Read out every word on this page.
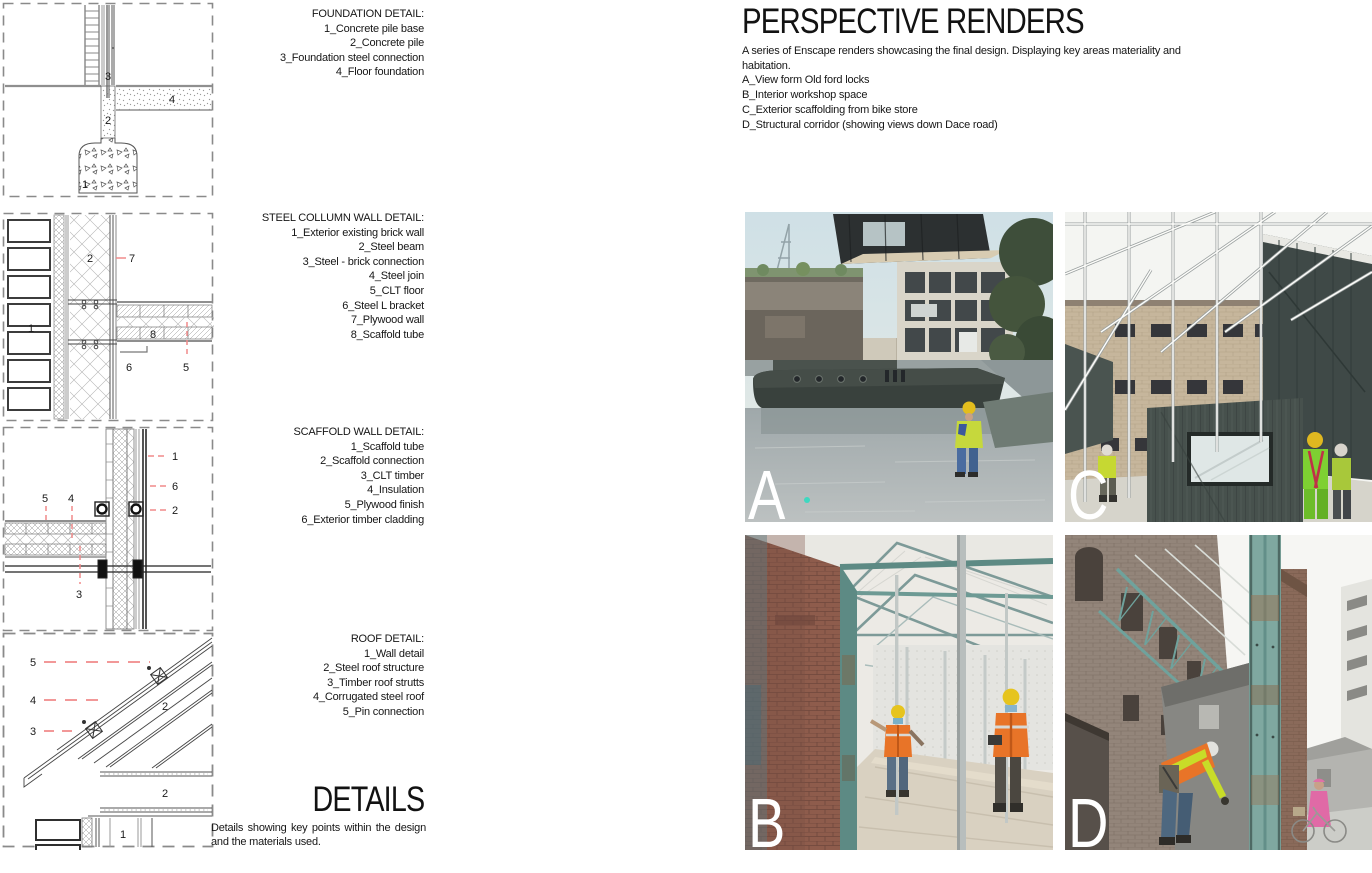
3
2
1
4
1
2	7
8
5
6
1
6
2
5 4
3
5
4
3
2
2
1
FOUNDATION DETAIL:
1_Concrete pile base
2_Concrete pile
3_Foundation steel connection
4_Floor foundation
STEEL COLLUMN WALL DETAIL:
1_Exterior existing brick wall
2_Steel beam
3_Steel - brick connection
4_Steel join
5_CLT floor
6_Steel L bracket
7_Plywood wall
8_Scaffold tube
SCAFFOLD WALL DETAIL:
1_Scaffold tube
2_Scaffold connection
3_CLT timber
4_Insulation
5_Plywood finish
6_Exterior timber cladding
ROOF DETAIL:
1_Wall detail
2_Steel roof structure
3_Timber roof strutts
4_Corrugated steel roof
5_Pin connection
DETAILS
Details showing key points within the design and the materials used.
PERSPECTIVE RENDERS
A series of Enscape renders showcasing the final design. Displaying key areas materiality and habitation.
A_View form Old ford locks
B_Interior workshop space
C_Exterior scaffolding from bike store
D_Structural corridor (showing views down Dace road)
A	C
B	D
